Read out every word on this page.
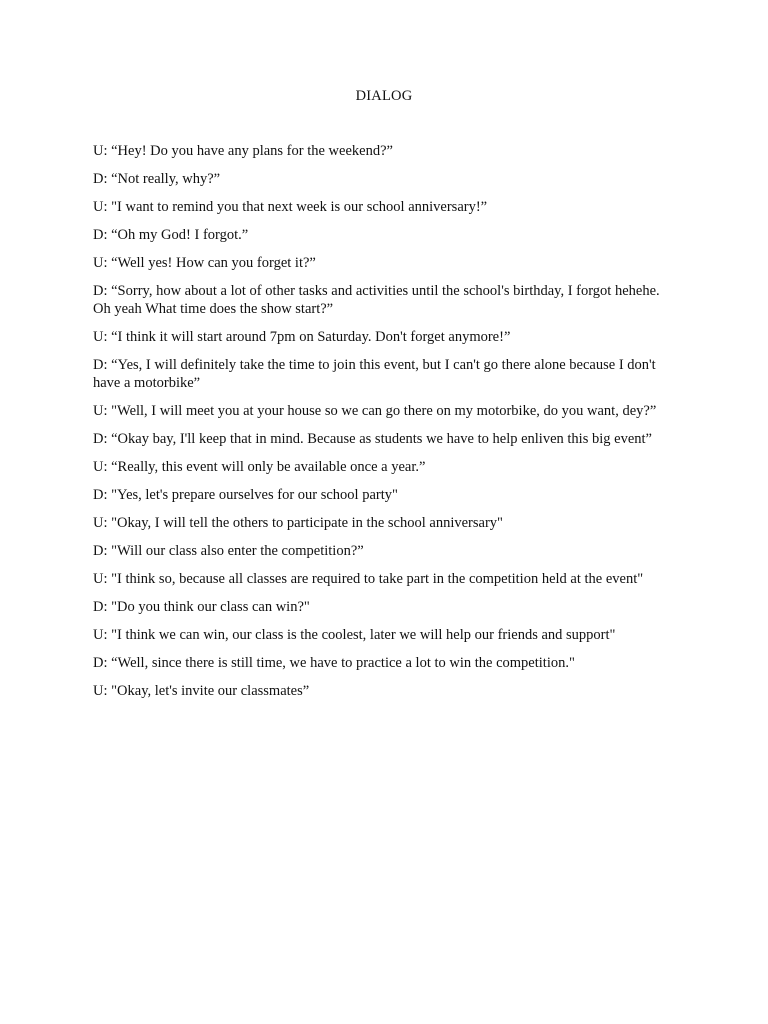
DIALOG

U: “Hey! Do you have any plans for the weekend?”

D: “Not really, why?”

U: "I want to remind you that next week is our school anniversary!”

D: “Oh my God! I forgot.”

U: “Well yes! How can you forget it?”

D: “Sorry, how about a lot of other tasks and activities until the school's birthday, I forgot hehehe. Oh yeah What time does the show start?”

U: “I think it will start around 7pm on Saturday. Don't forget anymore!”

D: “Yes, I will definitely take the time to join this event, but I can't go there alone because I don't have a motorbike”

U: "Well, I will meet you at your house so we can go there on my motorbike, do you want, dey?”

D: “Okay bay, I'll keep that in mind. Because as students we have to help enliven this big event”

U: “Really, this event will only be available once a year.”

D: "Yes, let's prepare ourselves for our school party"

U: "Okay, I will tell the others to participate in the school anniversary"

D: "Will our class also enter the competition?”

U: "I think so, because all classes are required to take part in the competition held at the event"

D: "Do you think our class can win?"

U: "I think we can win, our class is the coolest, later we will help our friends and support"

D: “Well, since there is still time, we have to practice a lot to win the competition."

U: "Okay, let's invite our classmates”
